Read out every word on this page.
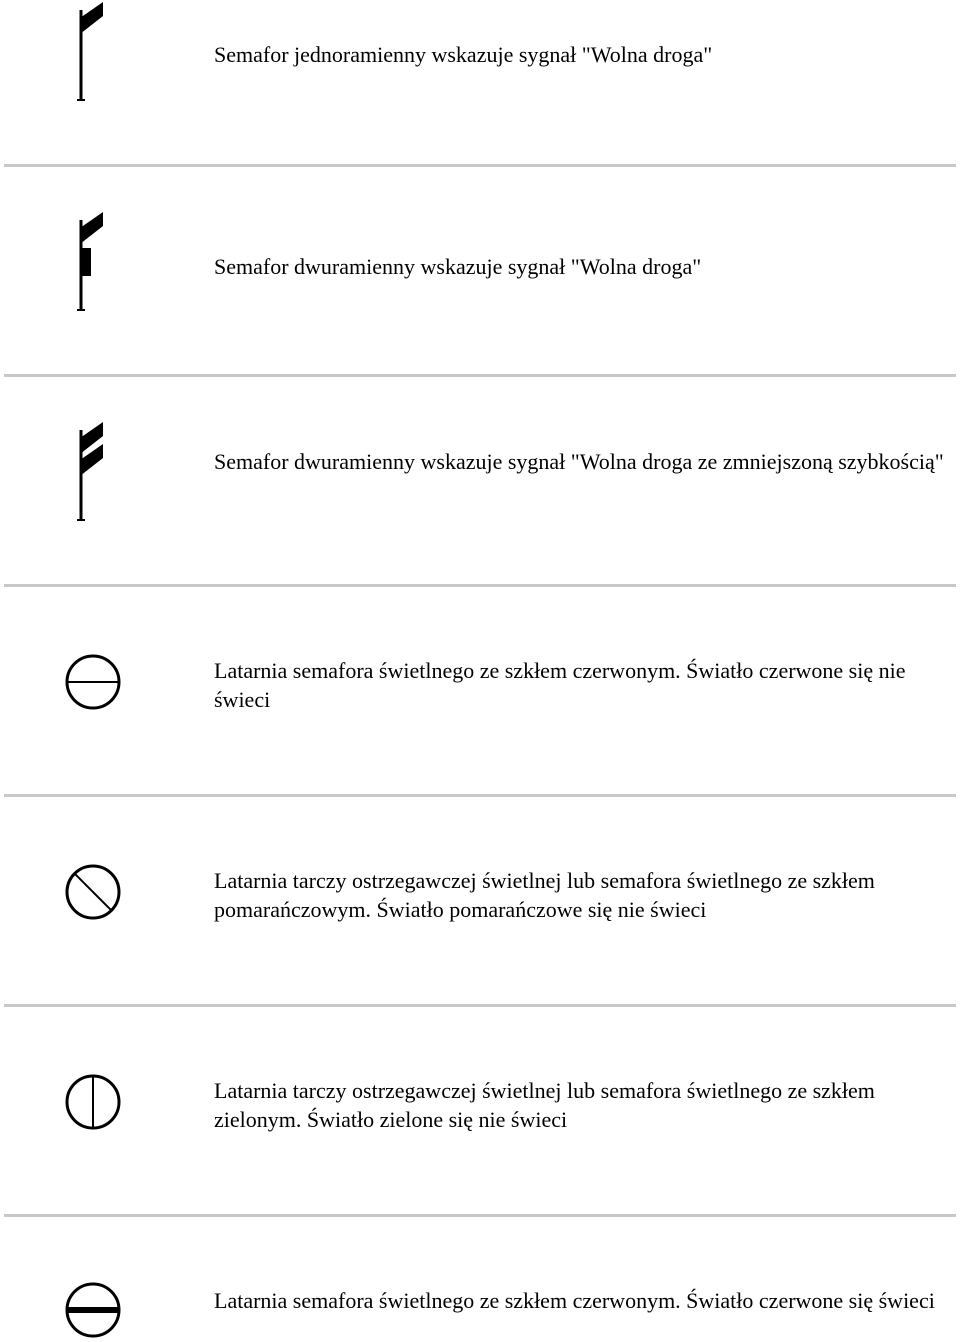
Semafor jednoramienny wskazuje sygnał "Wolna droga"
Semafor dwuramienny wskazuje sygnał "Wolna droga"
Semafor dwuramienny wskazuje sygnał "Wolna droga ze zmniejszoną szybkością"
Latarnia semafora świetlnego ze szkłem czerwonym. Światło czerwone się nie świeci
Latarnia tarczy ostrzegawczej świetlnej lub semafora świetlnego ze szkłem pomarańczowym. Światło pomarańczowe się nie świeci
Latarnia tarczy ostrzegawczej świetlnej lub semafora świetlnego ze szkłem zielonym. Światło zielone się nie świeci
Latarnia semafora świetlnego ze szkłem czerwonym. Światło czerwone się świeci
